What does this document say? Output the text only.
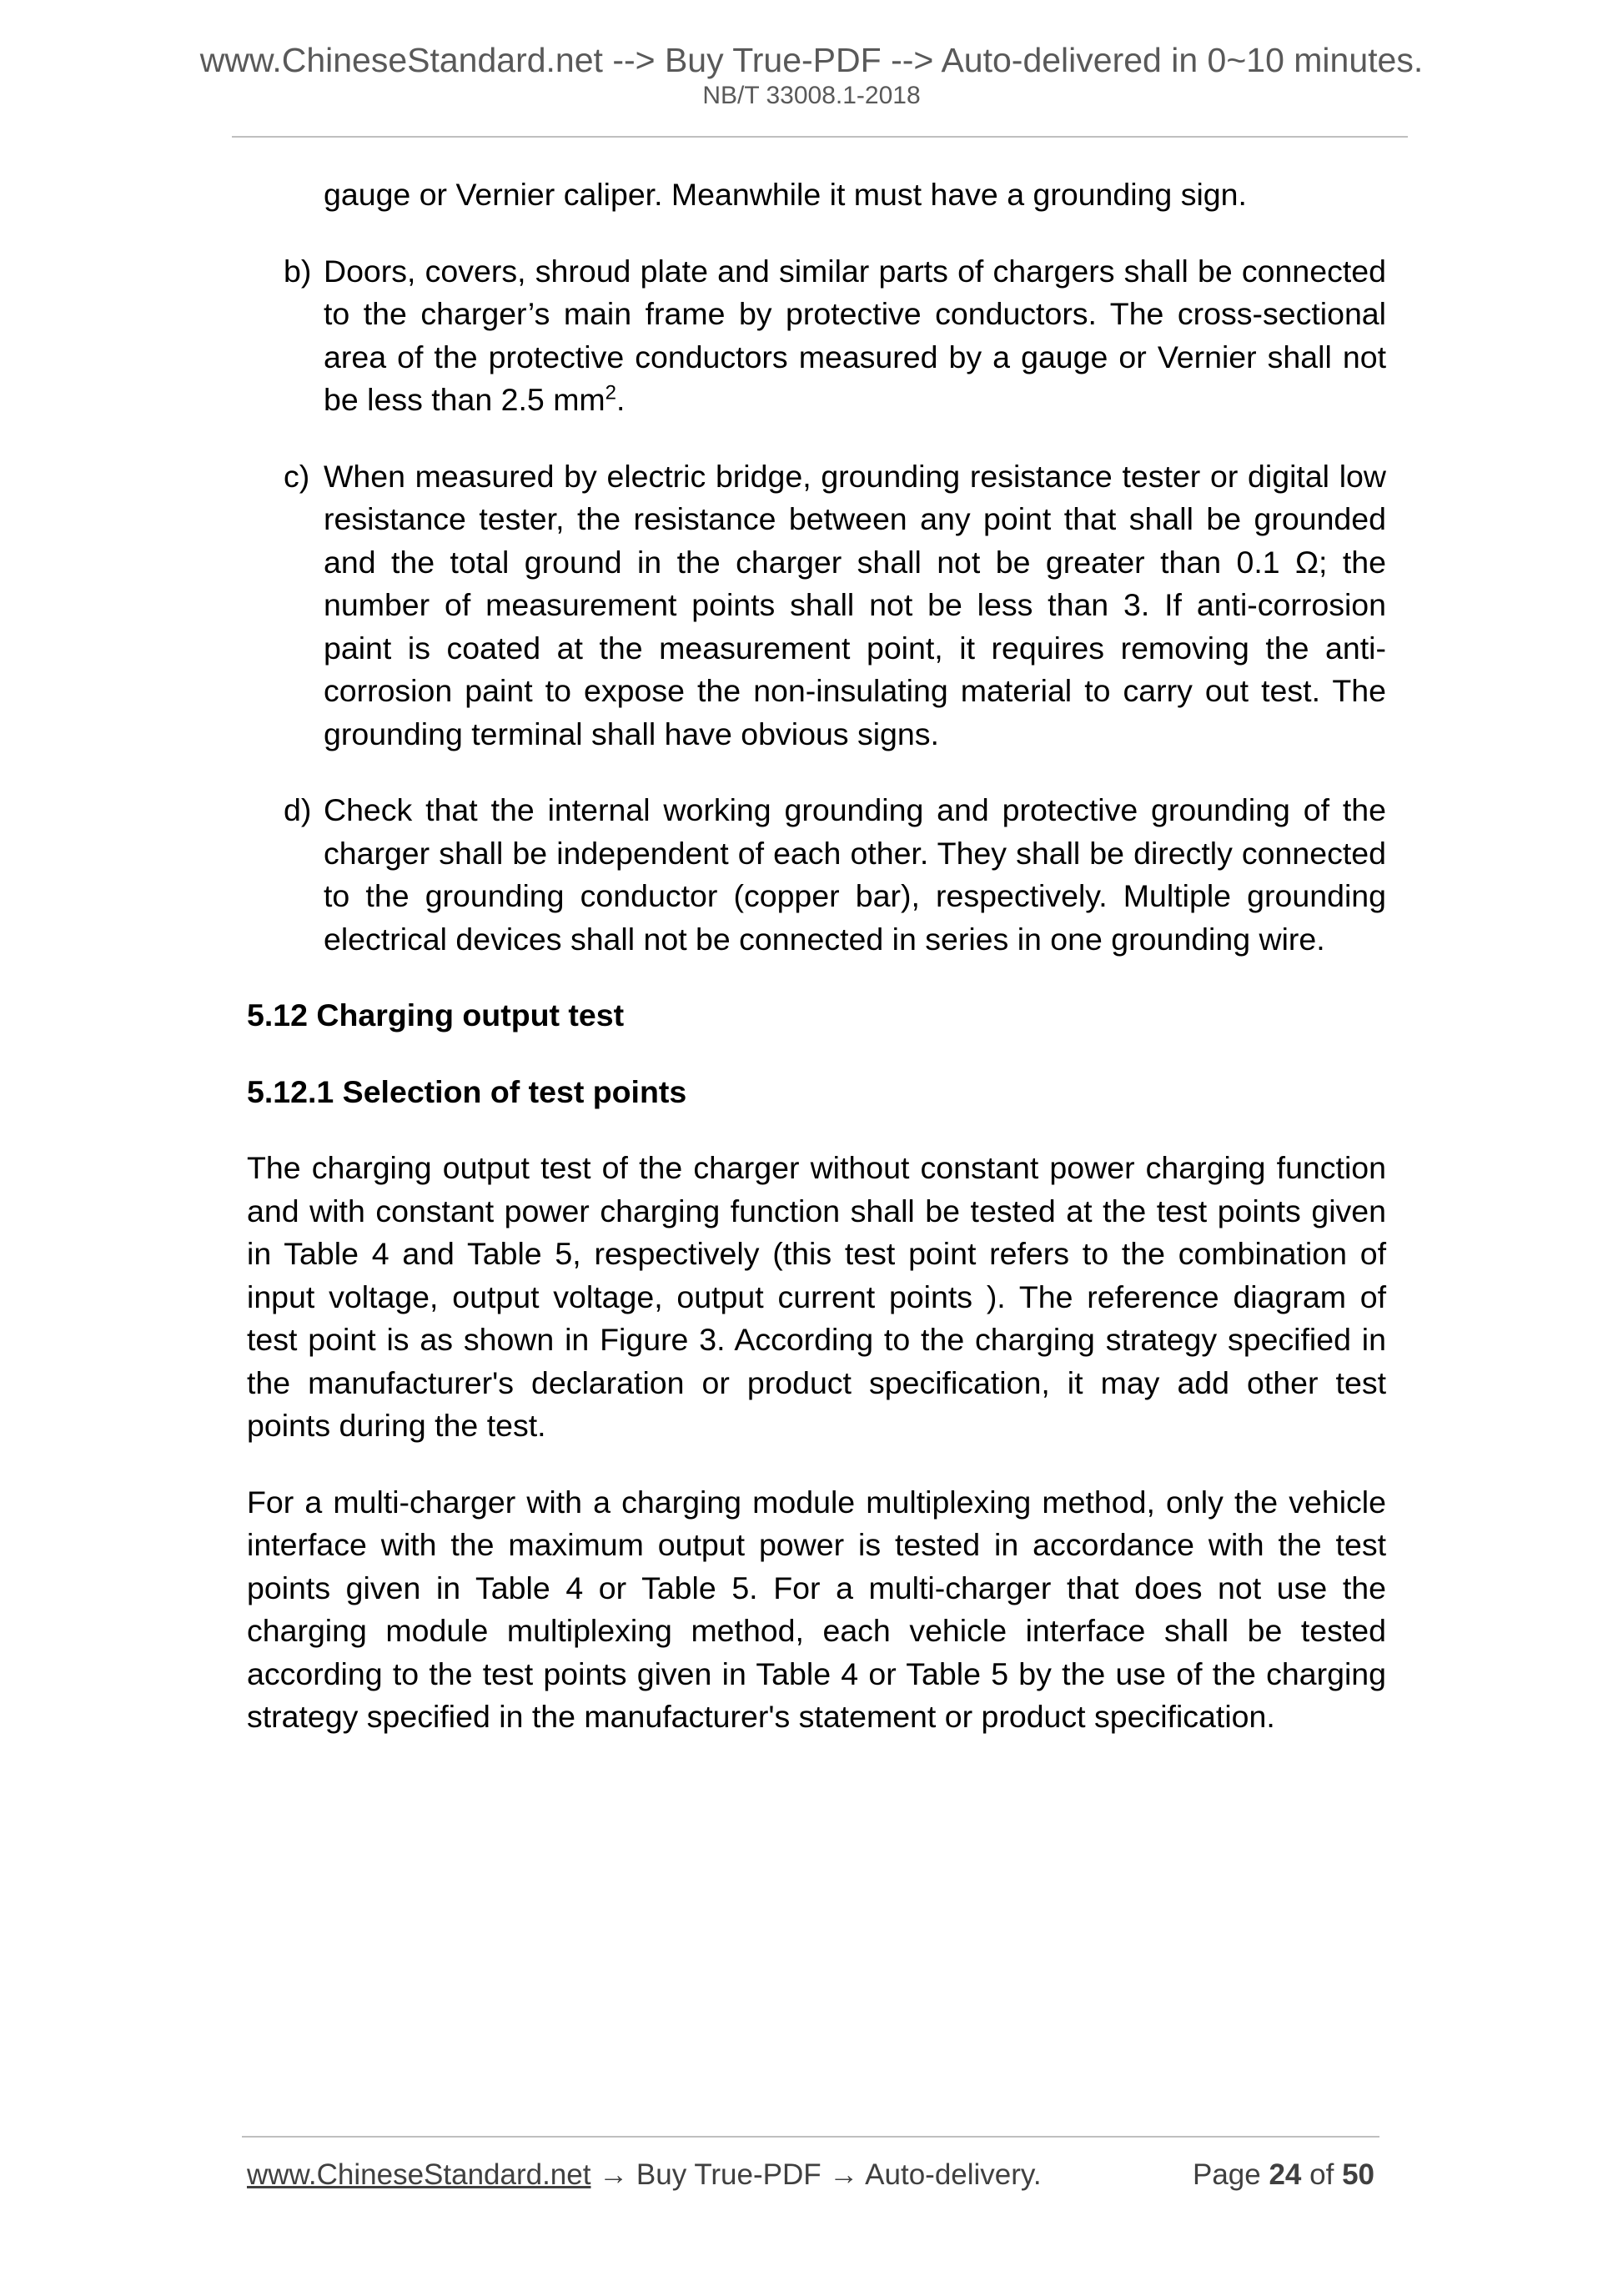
www.ChineseStandard.net --> Buy True-PDF --> Auto-delivered in 0~10 minutes.
NB/T 33008.1-2018

gauge or Vernier caliper. Meanwhile it must have a grounding sign.

b) Doors, covers, shroud plate and similar parts of chargers shall be connected to the charger’s main frame by protective conductors. The cross-sectional area of the protective conductors measured by a gauge or Vernier shall not be less than 2.5 $mm^2$.

c) When measured by electric bridge, grounding resistance tester or digital low resistance tester, the resistance between any point that shall be grounded and the total ground in the charger shall not be greater than 0.1 Ω; the number of measurement points shall not be less than 3. If anti-corrosion paint is coated at the measurement point, it requires removing the anti-corrosion paint to expose the non-insulating material to carry out test. The grounding terminal shall have obvious signs.

d) Check that the internal working grounding and protective grounding of the charger shall be independent of each other. They shall be directly connected to the grounding conductor (copper bar), respectively. Multiple grounding electrical devices shall not be connected in series in one grounding wire.

5.12 Charging output test

5.12.1 Selection of test points

The charging output test of the charger without constant power charging function and with constant power charging function shall be tested at the test points given in Table 4 and Table 5, respectively (this test point refers to the combination of input voltage, output voltage, output current points ). The reference diagram of test point is as shown in Figure 3. According to the charging strategy specified in the manufacturer's declaration or product specification, it may add other test points during the test.

For a multi-charger with a charging module multiplexing method, only the vehicle interface with the maximum output power is tested in accordance with the test points given in Table 4 or Table 5. For a multi-charger that does not use the charging module multiplexing method, each vehicle interface shall be tested according to the test points given in Table 4 or Table 5 by the use of the charging strategy specified in the manufacturer's statement or product specification.

www.ChineseStandard.net → Buy True-PDF → Auto-delivery.	Page 24 of 50
